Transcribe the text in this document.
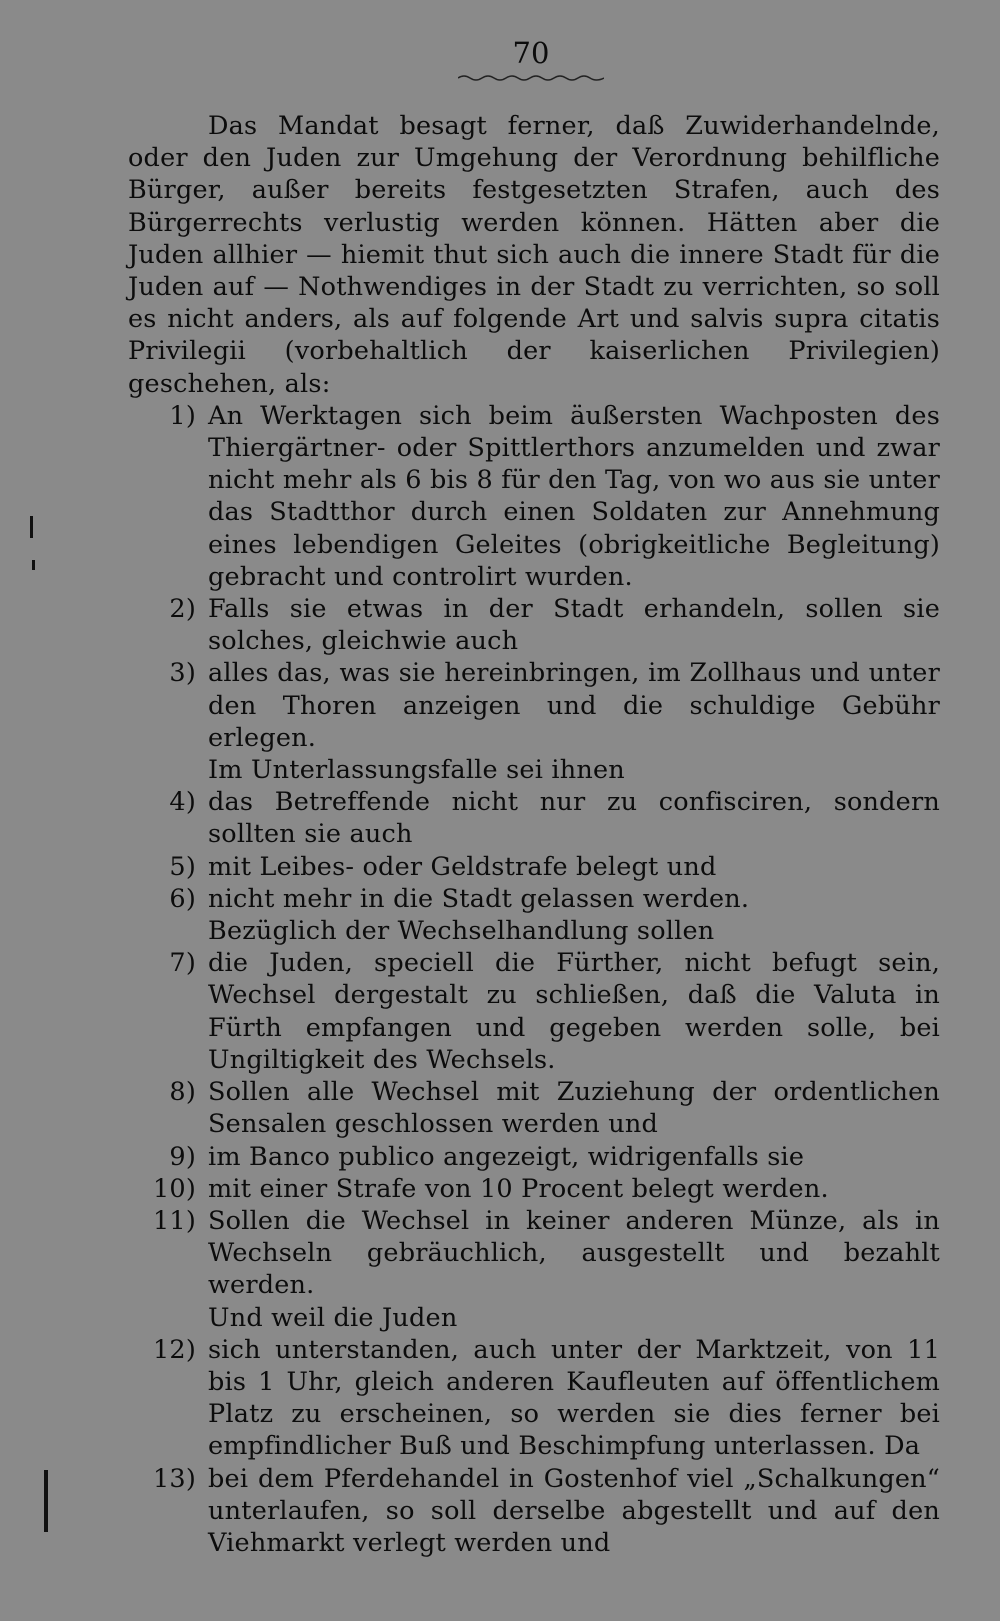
70

Das Mandat besagt ferner, daß Zuwiderhandelnde, oder den Juden zur Umgehung der Verordnung behilfliche Bürger, außer bereits festgesetzten Strafen, auch des Bürgerrechts verlustig werden können. Hätten aber die Juden allhier — hiemit thut sich auch die innere Stadt für die Juden auf — Nothwendiges in der Stadt zu verrichten, so soll es nicht anders, als auf folgende Art und salvis supra citatis Privilegii (vorbehaltlich der kaiserlichen Privilegien) geschehen, als:

1) An Werktagen sich beim äußersten Wachposten des Thiergärtner- oder Spittlerthors anzumelden und zwar nicht mehr als 6 bis 8 für den Tag, von wo aus sie unter das Stadtthor durch einen Soldaten zur Annehmung eines lebendigen Geleites (obrigkeitliche Begleitung) gebracht und controlirt wurden.
2) Falls sie etwas in der Stadt erhandeln, sollen sie solches, gleichwie auch
3) alles das, was sie hereinbringen, im Zollhaus und unter den Thoren anzeigen und die schuldige Gebühr erlegen.

Im Unterlassungsfalle sei ihnen

4) das Betreffende nicht nur zu confisciren, sondern sollten sie auch
5) mit Leibes- oder Geldstrafe belegt und
6) nicht mehr in die Stadt gelassen werden.

Bezüglich der Wechselhandlung sollen

7) die Juden, speciell die Fürther, nicht befugt sein, Wechsel dergestalt zu schließen, daß die Valuta in Fürth empfangen und gegeben werden solle, bei Ungiltigkeit des Wechsels.
8) Sollen alle Wechsel mit Zuziehung der ordentlichen Sensalen geschlossen werden und
9) im Banco publico angezeigt, widrigenfalls sie
10) mit einer Strafe von 10 Procent belegt werden.
11) Sollen die Wechsel in keiner anderen Münze, als in Wechseln gebräuchlich, ausgestellt und bezahlt werden.
Und weil die Juden
12) sich unterstanden, auch unter der Marktzeit, von 11 bis 1 Uhr, gleich anderen Kaufleuten auf öffentlichem Platz zu erscheinen, so werden sie dies ferner bei empfindlicher Buß und Beschimpfung unterlassen. Da
13) bei dem Pferdehandel in Gostenhof viel „Schalkungen“ unterlaufen, so soll derselbe abgestellt und auf den Viehmarkt verlegt werden und
